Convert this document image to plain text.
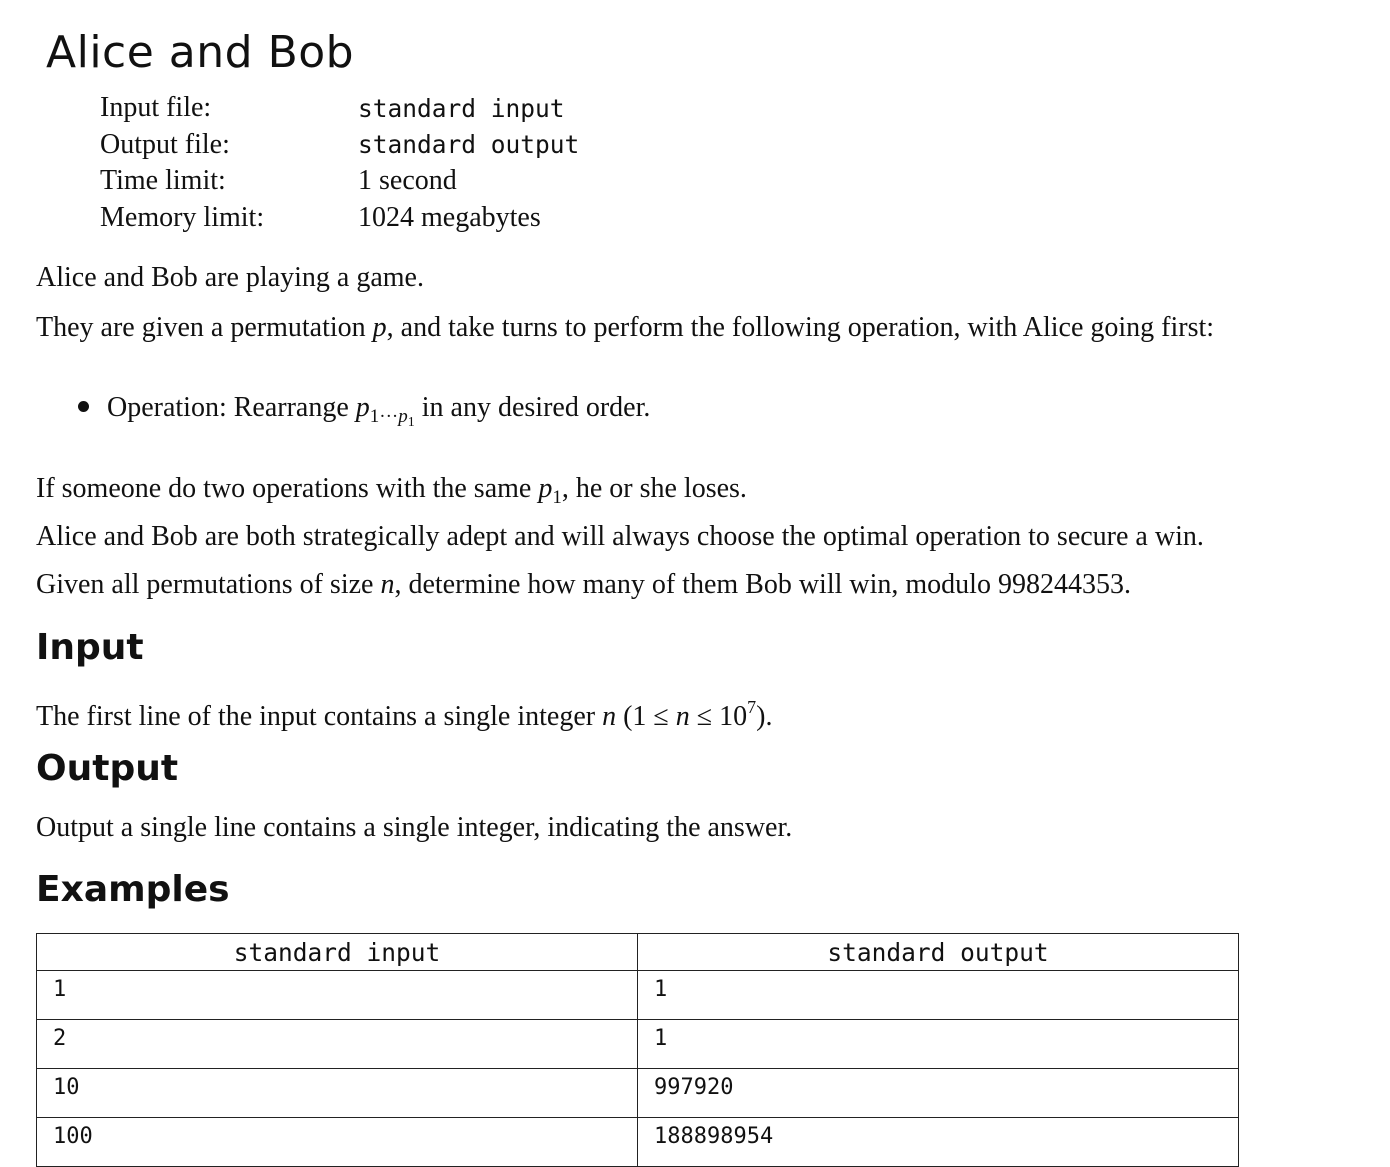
Alice and Bob
Input file:	standard input
Output file:	standard output
Time limit:	1 second
Memory limit:	1024 megabytes

Alice and Bob are playing a game.

They are given a permutation p, and take turns to perform the following operation, with Alice going first:

Operation: Rearrange $p_{1\cdot\cdot\cdot p_1}$ in any desired order.

If someone do two operations with the same $p_1$, he or she loses.

Alice and Bob are both strategically adept and will always choose the optimal operation to secure a win.

Given all permutations of size n, determine how many of them Bob will win, modulo 998244353.

Input

The first line of the input contains a single integer n $(1 \le n \le 10^7)$.

Output

Output a single line contains a single integer, indicating the answer.

Examples
standard input	standard output
1	1
2	1
10	997920
100	188898954
